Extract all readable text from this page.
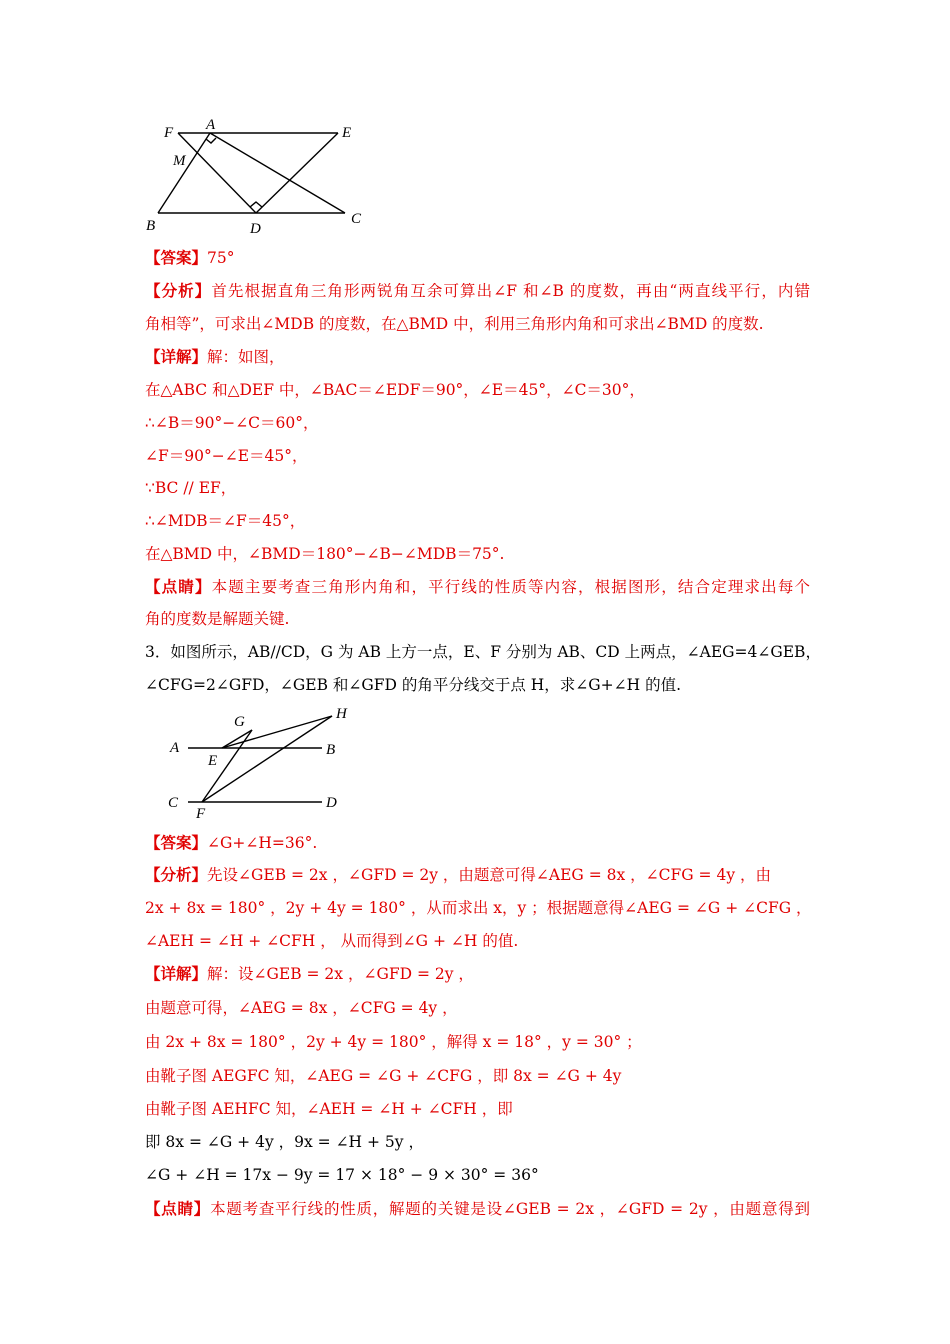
F A	E
M
B	D
C
【答案】75°
【分析】首先根据直角三角形两锐角互余可算出∠F 和∠B 的度数，再由“两直线平行，内错
角相等”，可求出∠MDB 的度数，在△BMD 中，利用三角形内角和可求出∠BMD 的度数.
【详解】解：如图，
在△ABC 和△DEF 中，∠BAC＝∠EDF＝90°，∠E＝45°，∠C＝30°，
∴∠B＝90°−∠C＝60°，
∠F＝90°−∠E＝45°，
∵BC // EF，
∴∠MDB＝∠F＝45°，
在△BMD 中，∠BMD＝180°−∠B−∠MDB＝75°.
【点睛】本题主要考查三角形内角和，平行线的性质等内容，根据图形，结合定理求出每个
角的度数是解题关键.
3．如图所示，AB//CD，G 为 AB 上方一点，E、F 分别为 AB、CD 上两点，∠AEG=4∠GEB，
∠CFG=2∠GFD，∠GEB 和∠GFD 的角平分线交于点 H，求∠G+∠H 的值.
G	H
A	B
E
C
F
D
【答案】∠G+∠H=36°.
【分析】先设∠GEB = 2x ，∠GFD = 2y ，由题意可得∠AEG = 8x ，∠CFG = 4y ，由
2x + 8x = 180° ，2y + 4y = 180° ，从而求出 x，y ；根据题意得∠AEG = ∠G + ∠CFG ，
∠AEH = ∠H + ∠CFH ， 从而得到∠G + ∠H 的值.
【详解】解：设∠GEB = 2x ，∠GFD = 2y ，
由题意可得，∠AEG = 8x ，∠CFG = 4y ，
由 2x + 8x = 180° ，2y + 4y = 180° ，解得 x = 18° ，y = 30° ；
由靴子图 AEGFC 知，∠AEG = ∠G + ∠CFG ，即 8x = ∠G + 4y
由靴子图 AEHFC 知，∠AEH = ∠H + ∠CFH ，即
即 8x = ∠G + 4y ，9x = ∠H + 5y ，
∠G + ∠H = 17x − 9y = 17 × 18° − 9 × 30° = 36°
【点睛】本题考查平行线的性质，解题的关键是设∠GEB = 2x ，∠GFD = 2y ，由题意得到
